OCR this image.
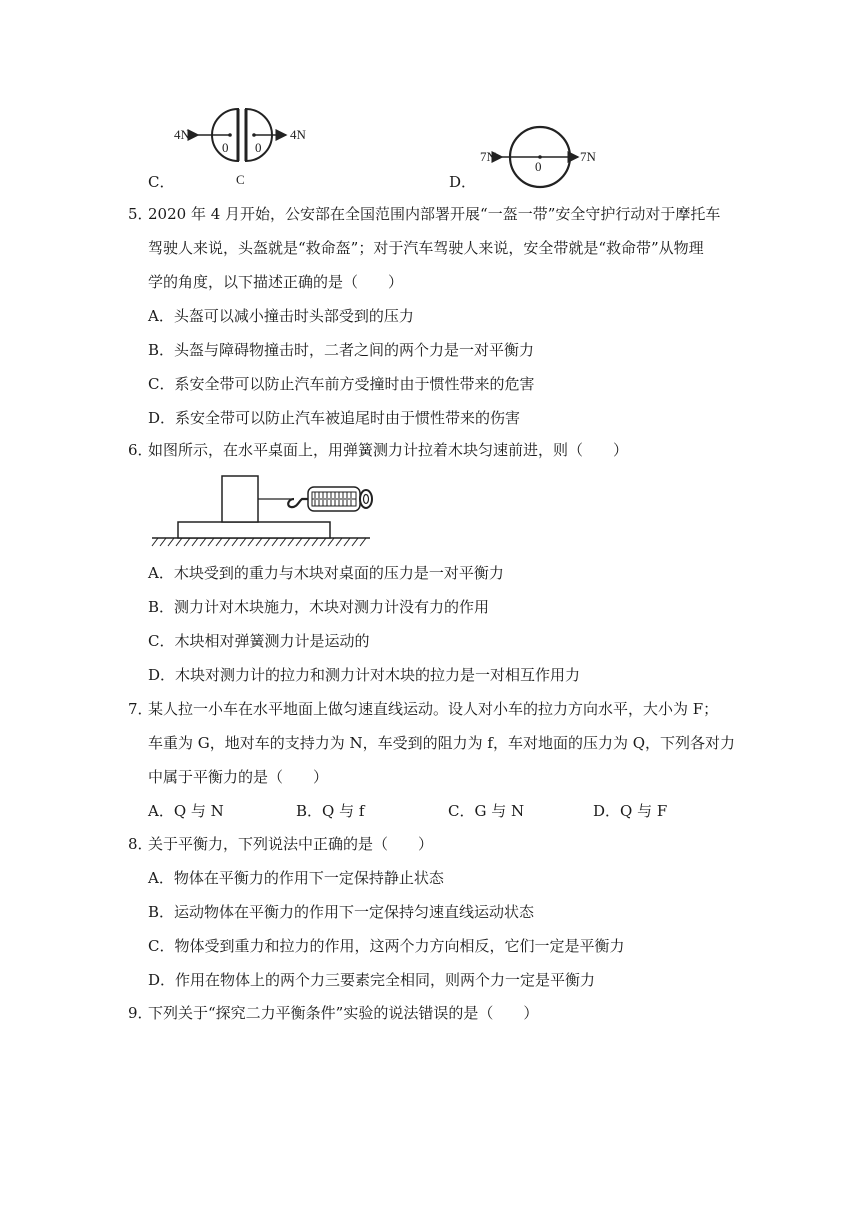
4N	4N
0 0
C
7N	7N
0
C．	D．
5．
2020 年 4 月开始，公安部在全国范围内部署开展“一盔一带”安全守护行动对于摩托车
驾驶人来说，头盔就是“救命盔”；对于汽车驾驶人来说，安全带就是“救命带”从物理
学的角度，以下描述正确的是（　　）
A．头盔可以减小撞击时头部受到的压力
B．头盔与障碍物撞击时，二者之间的两个力是一对平衡力
C．系安全带可以防止汽车前方受撞时由于惯性带来的危害
D．系安全带可以防止汽车被追尾时由于惯性带来的伤害
6．
如图所示，在水平桌面上，用弹簧测力计拉着木块匀速前进，则（　　）
A．木块受到的重力与木块对桌面的压力是一对平衡力
B．测力计对木块施力，木块对测力计没有力的作用
C．木块相对弹簧测力计是运动的
D．木块对测力计的拉力和测力计对木块的拉力是一对相互作用力
7．
某人拉一小车在水平地面上做匀速直线运动。设人对小车的拉力方向水平，大小为 F；
车重为 G，地对车的支持力为 N，车受到的阻力为 f，车对地面的压力为 Q，下列各对力
中属于平衡力的是（　　）
A．Q 与 N	B．Q 与 f	C．G 与 N	D．Q 与 F
8．
关于平衡力，下列说法中正确的是（　　）
A．物体在平衡力的作用下一定保持静止状态
B．运动物体在平衡力的作用下一定保持匀速直线运动状态
C．物体受到重力和拉力的作用，这两个力方向相反，它们一定是平衡力
D．作用在物体上的两个力三要素完全相同，则两个力一定是平衡力
9．
下列关于“探究二力平衡条件”实验的说法错误的是（　　）
